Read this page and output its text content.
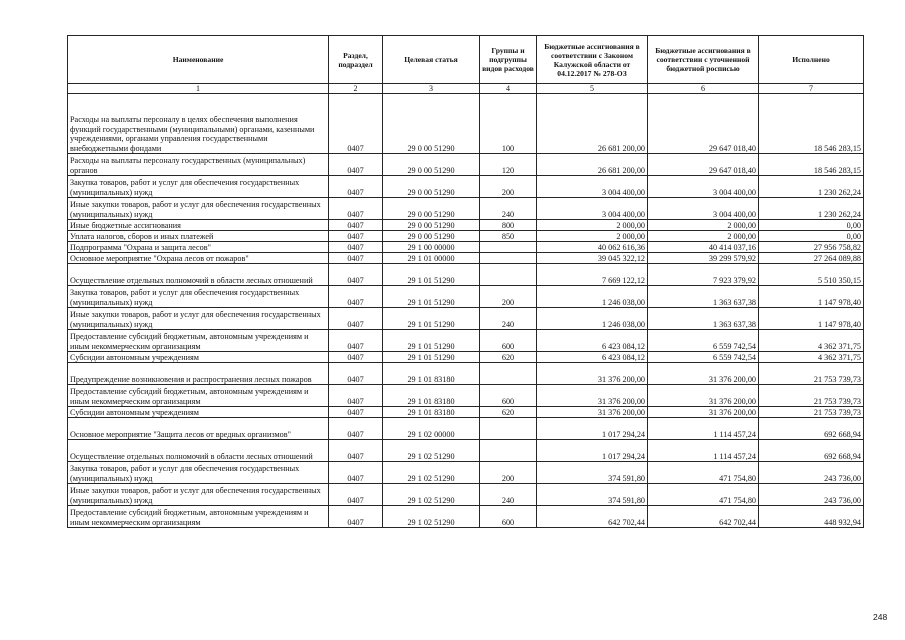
Наименование	Раздел, подраздел	Целевая статья	Группы и подгруппы видов расходов	Бюджетные ассигнования в соответствии с Законом Калужской области от 04.12.2017 № 278-ОЗ	Бюджетные ассигнования в соответствии с уточненной бюджетной росписью	Исполнено
1	2	3	4	5	6	7
Расходы на выплаты персоналу в целях обеспечения выполнения функций государственными (муниципальными) органами, казенными учреждениями, органами управления государственными внебюджетными фондами	0407	29 0 00 51290	100	26 681 200,00	29 647 018,40	18 546 283,15
Расходы на выплаты персоналу государственных (муниципальных) органов	0407	29 0 00 51290	120	26 681 200,00	29 647 018,40	18 546 283,15
Закупка товаров, работ и услуг для обеспечения государственных (муниципальных) нужд	0407	29 0 00 51290	200	3 004 400,00	3 004 400,00	1 230 262,24
Иные закупки товаров, работ и услуг для обеспечения государственных (муниципальных) нужд	0407	29 0 00 51290	240	3 004 400,00	3 004 400,00	1 230 262,24
Иные бюджетные ассигнования	0407	29 0 00 51290	800	2 000,00	2 000,00	0,00
Уплата налогов, сборов и иных платежей	0407	29 0 00 51290	850	2 000,00	2 000,00	0,00
Подпрограмма "Охрана и защита лесов"	0407	29 1 00 00000		40 062 616,36	40 414 037,16	27 956 758,82
Основное мероприятие "Охрана лесов от пожаров"	0407	29 1 01 00000		39 045 322,12	39 299 579,92	27 264 089,88
Осуществление отдельных полномочий в области лесных отношений	0407	29 1 01 51290		7 669 122,12	7 923 379,92	5 510 350,15
Закупка товаров, работ и услуг для обеспечения государственных (муниципальных) нужд	0407	29 1 01 51290	200	1 246 038,00	1 363 637,38	1 147 978,40
Иные закупки товаров, работ и услуг для обеспечения государственных (муниципальных) нужд	0407	29 1 01 51290	240	1 246 038,00	1 363 637,38	1 147 978,40
Предоставление субсидий бюджетным, автономным учреждениям и иным некоммерческим организациям	0407	29 1 01 51290	600	6 423 084,12	6 559 742,54	4 362 371,75
Субсидии автономным учреждениям	0407	29 1 01 51290	620	6 423 084,12	6 559 742,54	4 362 371,75
Предупреждение возникновения и распространения лесных пожаров	0407	29 1 01 83180		31 376 200,00	31 376 200,00	21 753 739,73
Предоставление субсидий бюджетным, автономным учреждениям и иным некоммерческим организациям	0407	29 1 01 83180	600	31 376 200,00	31 376 200,00	21 753 739,73
Субсидии автономным учреждениям	0407	29 1 01 83180	620	31 376 200,00	31 376 200,00	21 753 739,73
Основное мероприятие "Защита лесов от вредных организмов"	0407	29 1 02 00000		1 017 294,24	1 114 457,24	692 668,94
Осуществление отдельных полномочий в области лесных отношений	0407	29 1 02 51290		1 017 294,24	1 114 457,24	692 668,94
Закупка товаров, работ и услуг для обеспечения государственных (муниципальных) нужд	0407	29 1 02 51290	200	374 591,80	471 754,80	243 736,00
Иные закупки товаров, работ и услуг для обеспечения государственных (муниципальных) нужд	0407	29 1 02 51290	240	374 591,80	471 754,80	243 736,00
Предоставление субсидий бюджетным, автономным учреждениям и иным некоммерческим организациям	0407	29 1 02 51290	600	642 702,44	642 702,44	448 932,94
248
